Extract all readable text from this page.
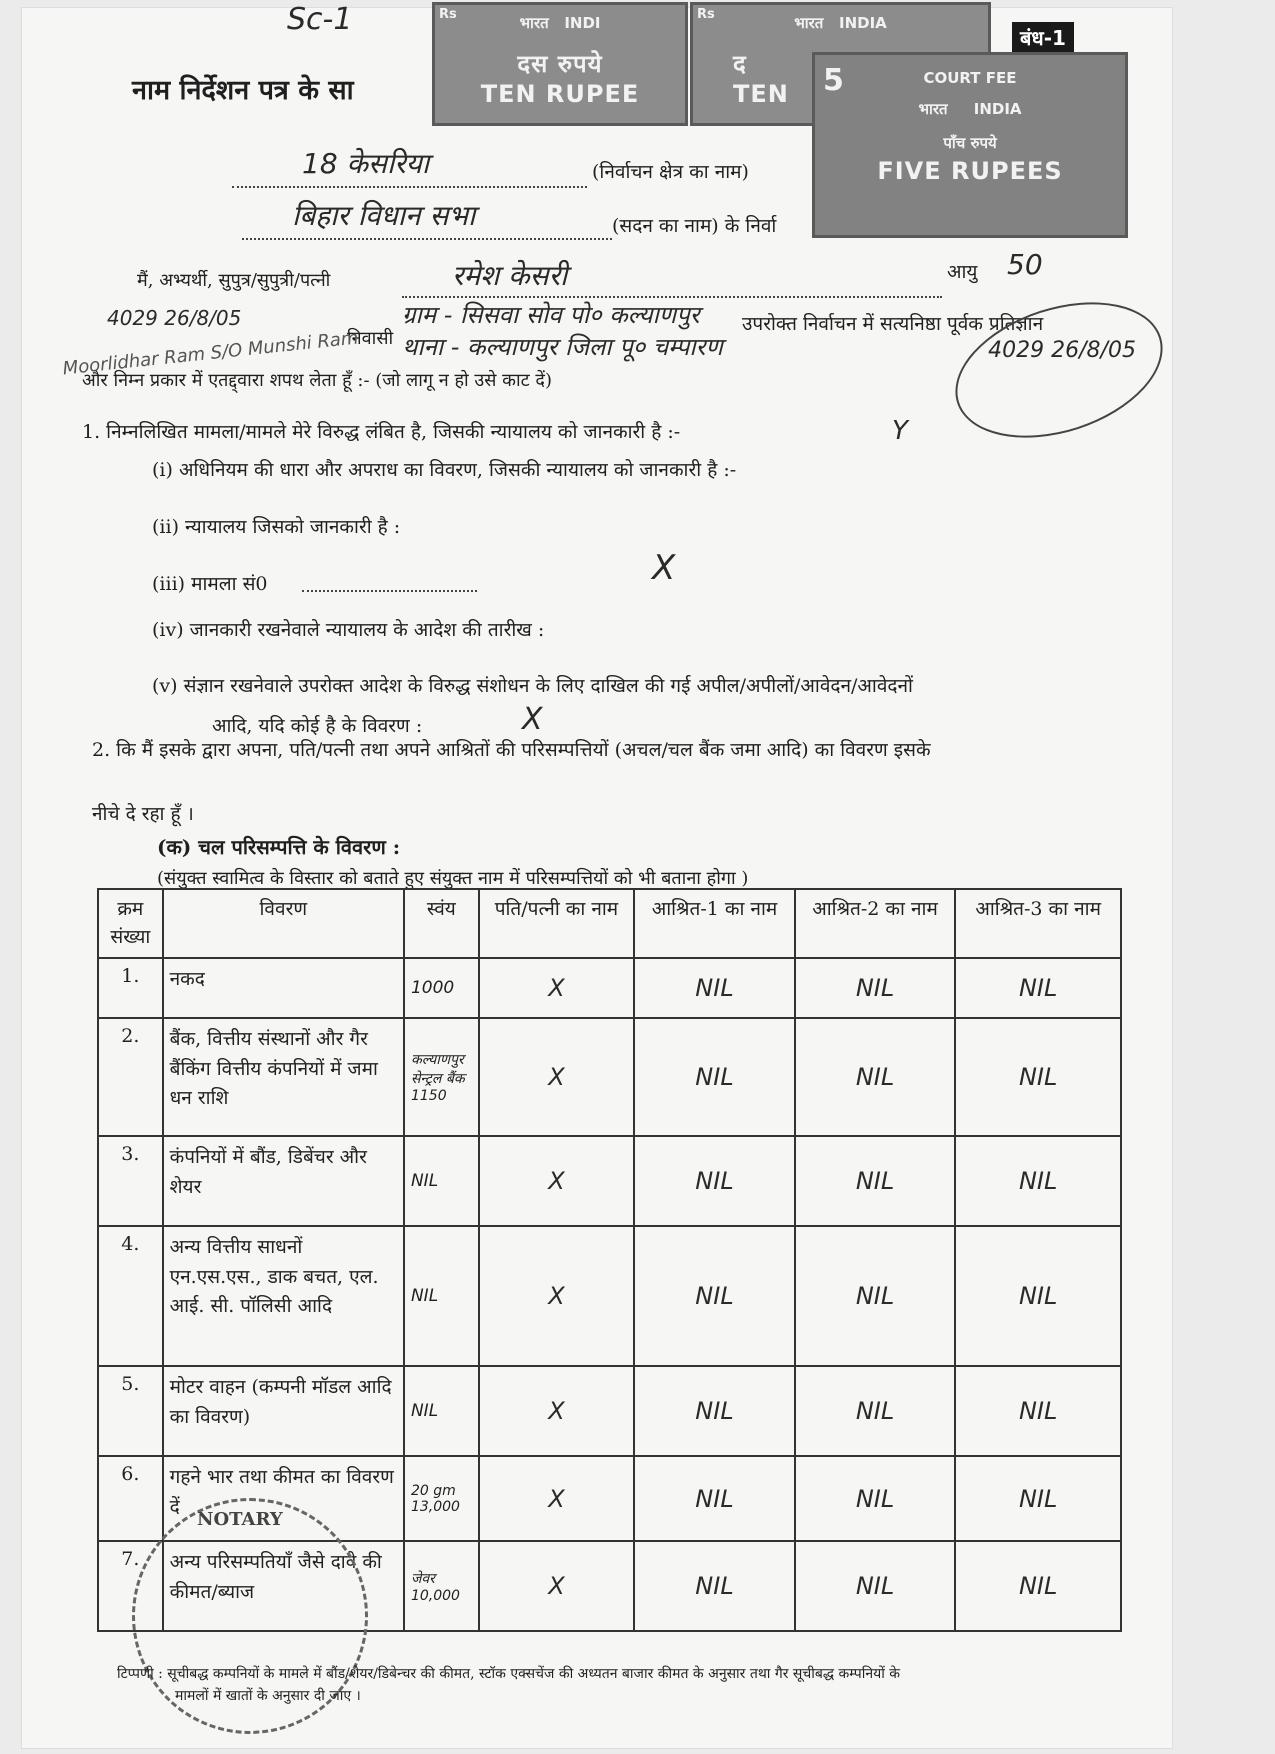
Sc-1
नाम निर्देशन पत्र के सा
बंध-1
Rs	भारत INDI
दस रुपये
TEN RUPEE
Rs	भारत INDIA
द
TEN	5	COURT FEE
भारत INDIA
पाँच रुपये
FIVE RUPEES
18 केसरिया	(निर्वाचन क्षेत्र का नाम)
बिहार विधान सभा	(सदन का नाम) के निर्वा
मैं, अभ्यर्थी, सुपुत्र/सुपुत्री/पत्नी	रमेश केसरी	आयु 50
4029 26/8/05	ग्राम - सिसवा सोव पो० कल्याणपुर
निवासी थाना - कल्याणपुर जिला पू० चम्पारण
उपरोक्त निर्वाचन में सत्यनिष्ठा पूर्वक प्रतिज्ञान
और निम्न प्रकार में एतद्द्वारा शपथ लेता हूँ :- (जो लागू न हो उसे काट दें)
Moorlidhar Ram S/O Munshi Ram	4029 26/8/05
1. निम्नलिखित मामला/मामले मेरे विरुद्ध लंबित है, जिसकी न्यायालय को जानकारी है :-	Y
(i) अधिनियम की धारा और अपराध का विवरण, जिसकी न्यायालय को जानकारी है :-
(ii) न्यायालय जिसको जानकारी है :
(iii) मामला सं0	X
(iv) जानकारी रखनेवाले न्यायालय के आदेश की तारीख :
(v) संज्ञान रखनेवाले उपरोक्त आदेश के विरुद्ध संशोधन के लिए दाखिल की गई अपील/अपीलों/आवेदन/आवेदनों
आदि, यदि कोई है के विवरण :	X
2. कि मैं इसके द्वारा अपना, पति/पत्नी तथा अपने आश्रितों की परिसम्पत्तियों (अचल/चल बैंक जमा आदि) का विवरण इसके
नीचे दे रहा हूँ ।
(क) चल परिसम्पत्ति के विवरण :
(संयुक्त स्वामित्व के विस्तार को बताते हुए संयुक्त नाम में परिसम्पत्तियों को भी बताना होगा )
क्रम संख्या	विवरण	स्वंय	पति/पत्नी का नाम	आश्रित-1 का नाम	आश्रित-2 का नाम	आश्रित-3 का नाम
1.	नकद	1000	X	NIL	NIL	NIL
2.	बैंक, वित्तीय संस्थानों और गैर बैंकिंग वित्तीय कंपनियों में जमा धन राशि	कल्याणपुर सेन्ट्रल बैंक 1150	X	NIL	NIL	NIL
3.	कंपनियों में बौंड, डिबेंचर और शेयर	NIL	X	NIL	NIL	NIL
4.	अन्य वित्तीय साधनों एन.एस.एस., डाक बचत, एल. आई. सी. पॉलिसी आदि	NIL	X	NIL	NIL	NIL
5.	मोटर वाहन (कम्पनी मॉडल आदि का विवरण)	NIL	X	NIL	NIL	NIL
6.	गहने भार तथा कीमत का विवरण दें	20 gm 13,000	X	NIL	NIL	NIL
7.	अन्य परिसम्पतियाँ जैसे दावे की कीमत/ब्याज	जेवर 10,000	X	NIL	NIL	NIL
NOTARY
टिप्पणी : सूचीबद्ध कम्पनियों के मामले में बौंड/शेयर/डिबेन्चर की कीमत, स्टॉक एक्सचेंज की अध्यतन बाजार कीमत के अनुसार तथा गैर सूचीबद्ध कम्पनियों के
मामलों में खातों के अनुसार दी जाए ।
